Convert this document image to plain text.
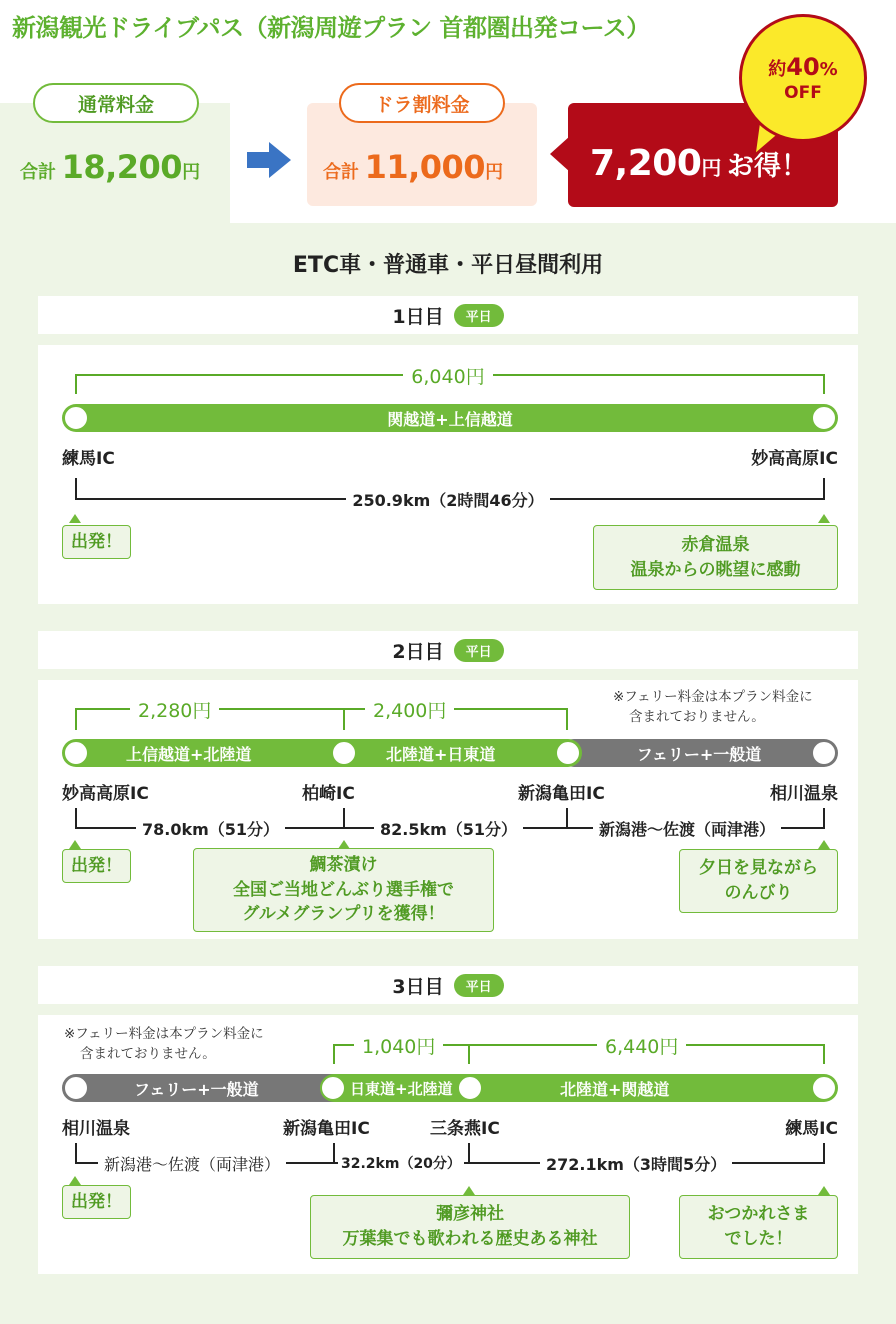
新潟観光ドライブパス（新潟周遊プラン 首都圏出発コース）
通常料金
合計 18,200円
ドラ割料金
合計 11,000円 7,200円 お得！
約40%
OFF
ETC車・普通車・平日昼間利用
1日目	平日
6,040円
関越道+上信越道
練馬IC	妙高高原IC
250.9km（2時間46分）
出発！	赤倉温泉
温泉からの眺望に感動
2日目	平日
※フェリー料金は本プラン料金に
含まれておりません。
2,280円	2,400円
フェリー+一般道
上信越道+北陸道	北陸道+日東道
妙高高原IC	柏崎IC	新潟亀田IC	相川温泉
78.0km（51分）	82.5km（51分）	新潟港〜佐渡（両津港）
出発！	鯛茶漬け
全国ご当地どんぶり選手権で
グルメグランプリを獲得！
夕日を見ながら
のんびり
3日目	平日
※フェリー料金は本プラン料金に
含まれておりません。	1,040円	6,440円
フェリー+一般道	日東道+北陸道	北陸道+関越道
相川温泉	新潟亀田IC	三条燕IC	練馬IC
新潟港〜佐渡（両津港）	32.2km（20分）	272.1km（3時間5分）
出発！
彌彦神社
万葉集でも歌われる歴史ある神社
おつかれさま
でした！
